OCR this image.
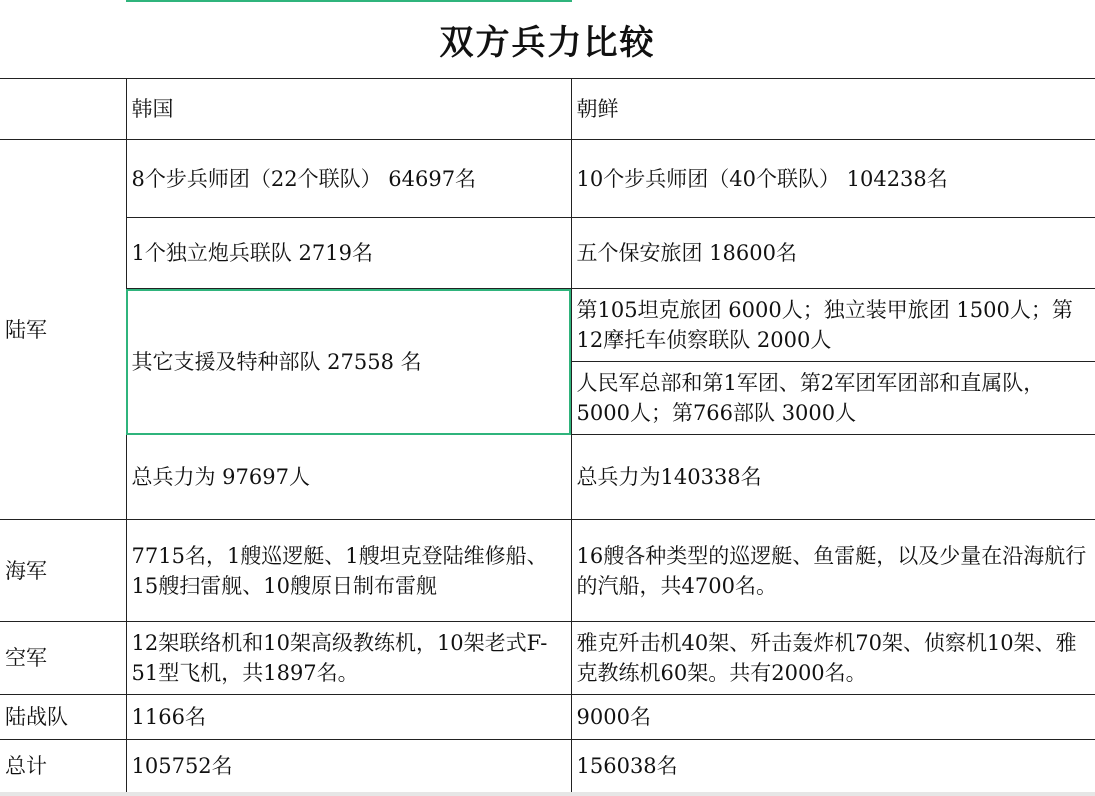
双方兵力比较
	韩国	朝鲜
陆军	8个步兵师团（22个联队） 64697名	10个步兵师团（40个联队） 104238名
	1个独立炮兵联队 2719名	五个保安旅团 18600名
	其它支援及特种部队 27558 名	第105坦克旅团 6000人；独立装甲旅团 1500人；第12摩托车侦察联队 2000人
		人民军总部和第1军团、第2军团军团部和直属队，5000人；第766部队 3000人
	总兵力为 97697人	总兵力为140338名
海军	7715名，1艘巡逻艇、1艘坦克登陆维修船、15艘扫雷舰、10艘原日制布雷舰	16艘各种类型的巡逻艇、鱼雷艇，以及少量在沿海航行的汽船，共4700名。
空军	12架联络机和10架高级教练机，10架老式F-51型飞机，共1897名。	雅克歼击机40架、歼击轰炸机70架、侦察机10架、雅克教练机60架。共有2000名。
陆战队	1166名	9000名
总计	105752名	156038名
